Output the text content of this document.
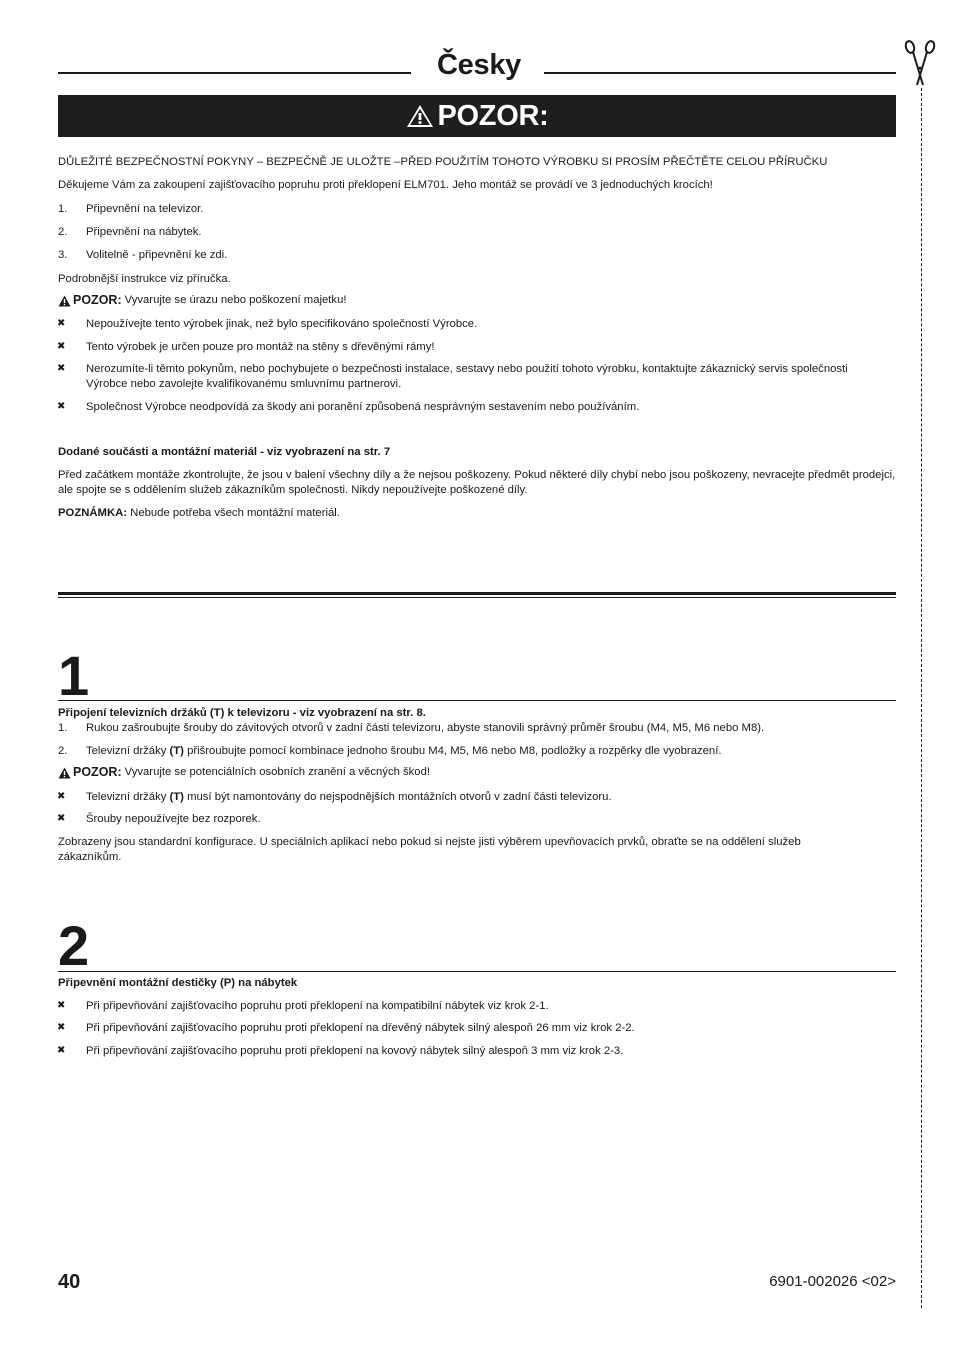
Česky
POZOR:
DŮLEŽITÉ BEZPEČNOSTNÍ POKYNY – BEZPEČNĚ JE ULOŽTE –PŘED POUŽITÍM TOHOTO VÝROBKU SI PROSÍM PŘEČTĚTE CELOU PŘÍRUČKU
Děkujeme Vám za zakoupení zajišťovacího popruhu proti překlopení ELM701. Jeho montáž se provádí ve 3 jednoduchých krocích!
1. Připevnění na televizor.
2. Připevnění na nábytek.
3. Volitelně - připevnění ke zdi.
Podrobnější instrukce viz příručka.
POZOR: Vyvarujte se úrazu nebo poškození majetku!
✖ Nepoužívejte tento výrobek jinak, než bylo specifikováno společností Výrobce.
✖ Tento výrobek je určen pouze pro montáž na stěny s dřevěnými rámy!
✖ Nerozumíte-li těmto pokynům, nebo pochybujete o bezpečnosti instalace, sestavy nebo použití tohoto výrobku, kontaktujte zákaznický servis společnosti Výrobce nebo zavolejte kvalifikovanému smluvnímu partnerovi.
✖ Společnost Výrobce neodpovídá za škody ani poranění způsobená nesprávným sestavením nebo používáním.
Dodané součásti a montážní materiál - viz vyobrazení na str. 7
Před začátkem montáže zkontrolujte, že jsou v balení všechny díly a že nejsou poškozeny. Pokud některé díly chybí nebo jsou poškozeny, nevracejte předmět prodejci, ale spojte se s oddělením služeb zákazníkům společnosti. Nikdy nepoužívejte poškozené díly.
POZNÁMKA: Nebude potřeba všech montážní materiál.
1
Připojení televizních držáků (T) k televizoru - viz vyobrazení na str. 8.
1. Rukou zašroubujte šrouby do závitových otvorů v zadní části televizoru, abyste stanovili správný průměr šroubu (M4, M5, M6 nebo M8).
2. Televizní držáky (T) přišroubujte pomocí kombinace jednoho šroubu M4, M5, M6 nebo M8, podložky a rozpěrky dle vyobrazení.
POZOR: Vyvarujte se potenciálních osobních zranění a věcných škod!
✖ Televizní držáky (T) musí být namontovány do nejspodnějších montážních otvorů v zadní části televizoru.
✖ Šrouby nepoužívejte bez rozporek.
Zobrazeny jsou standardní konfigurace. U speciálních aplikací nebo pokud si nejste jisti výběrem upevňovacích prvků, obraťte se na oddělení služeb zákazníkům.
2
Připevnění montážní destičky (P) na nábytek
✖ Při připevňování zajišťovacího popruhu proti překlopení na kompatibilní nábytek viz krok 2-1.
✖ Při připevňování zajišťovacího popruhu proti překlopení na dřevěný nábytek silný alespoň 26 mm viz krok 2-2.
✖ Při připevňování zajišťovacího popruhu proti překlopení na kovový nábytek silný alespoň 3 mm viz krok 2-3.
40	6901-002026 <02>
